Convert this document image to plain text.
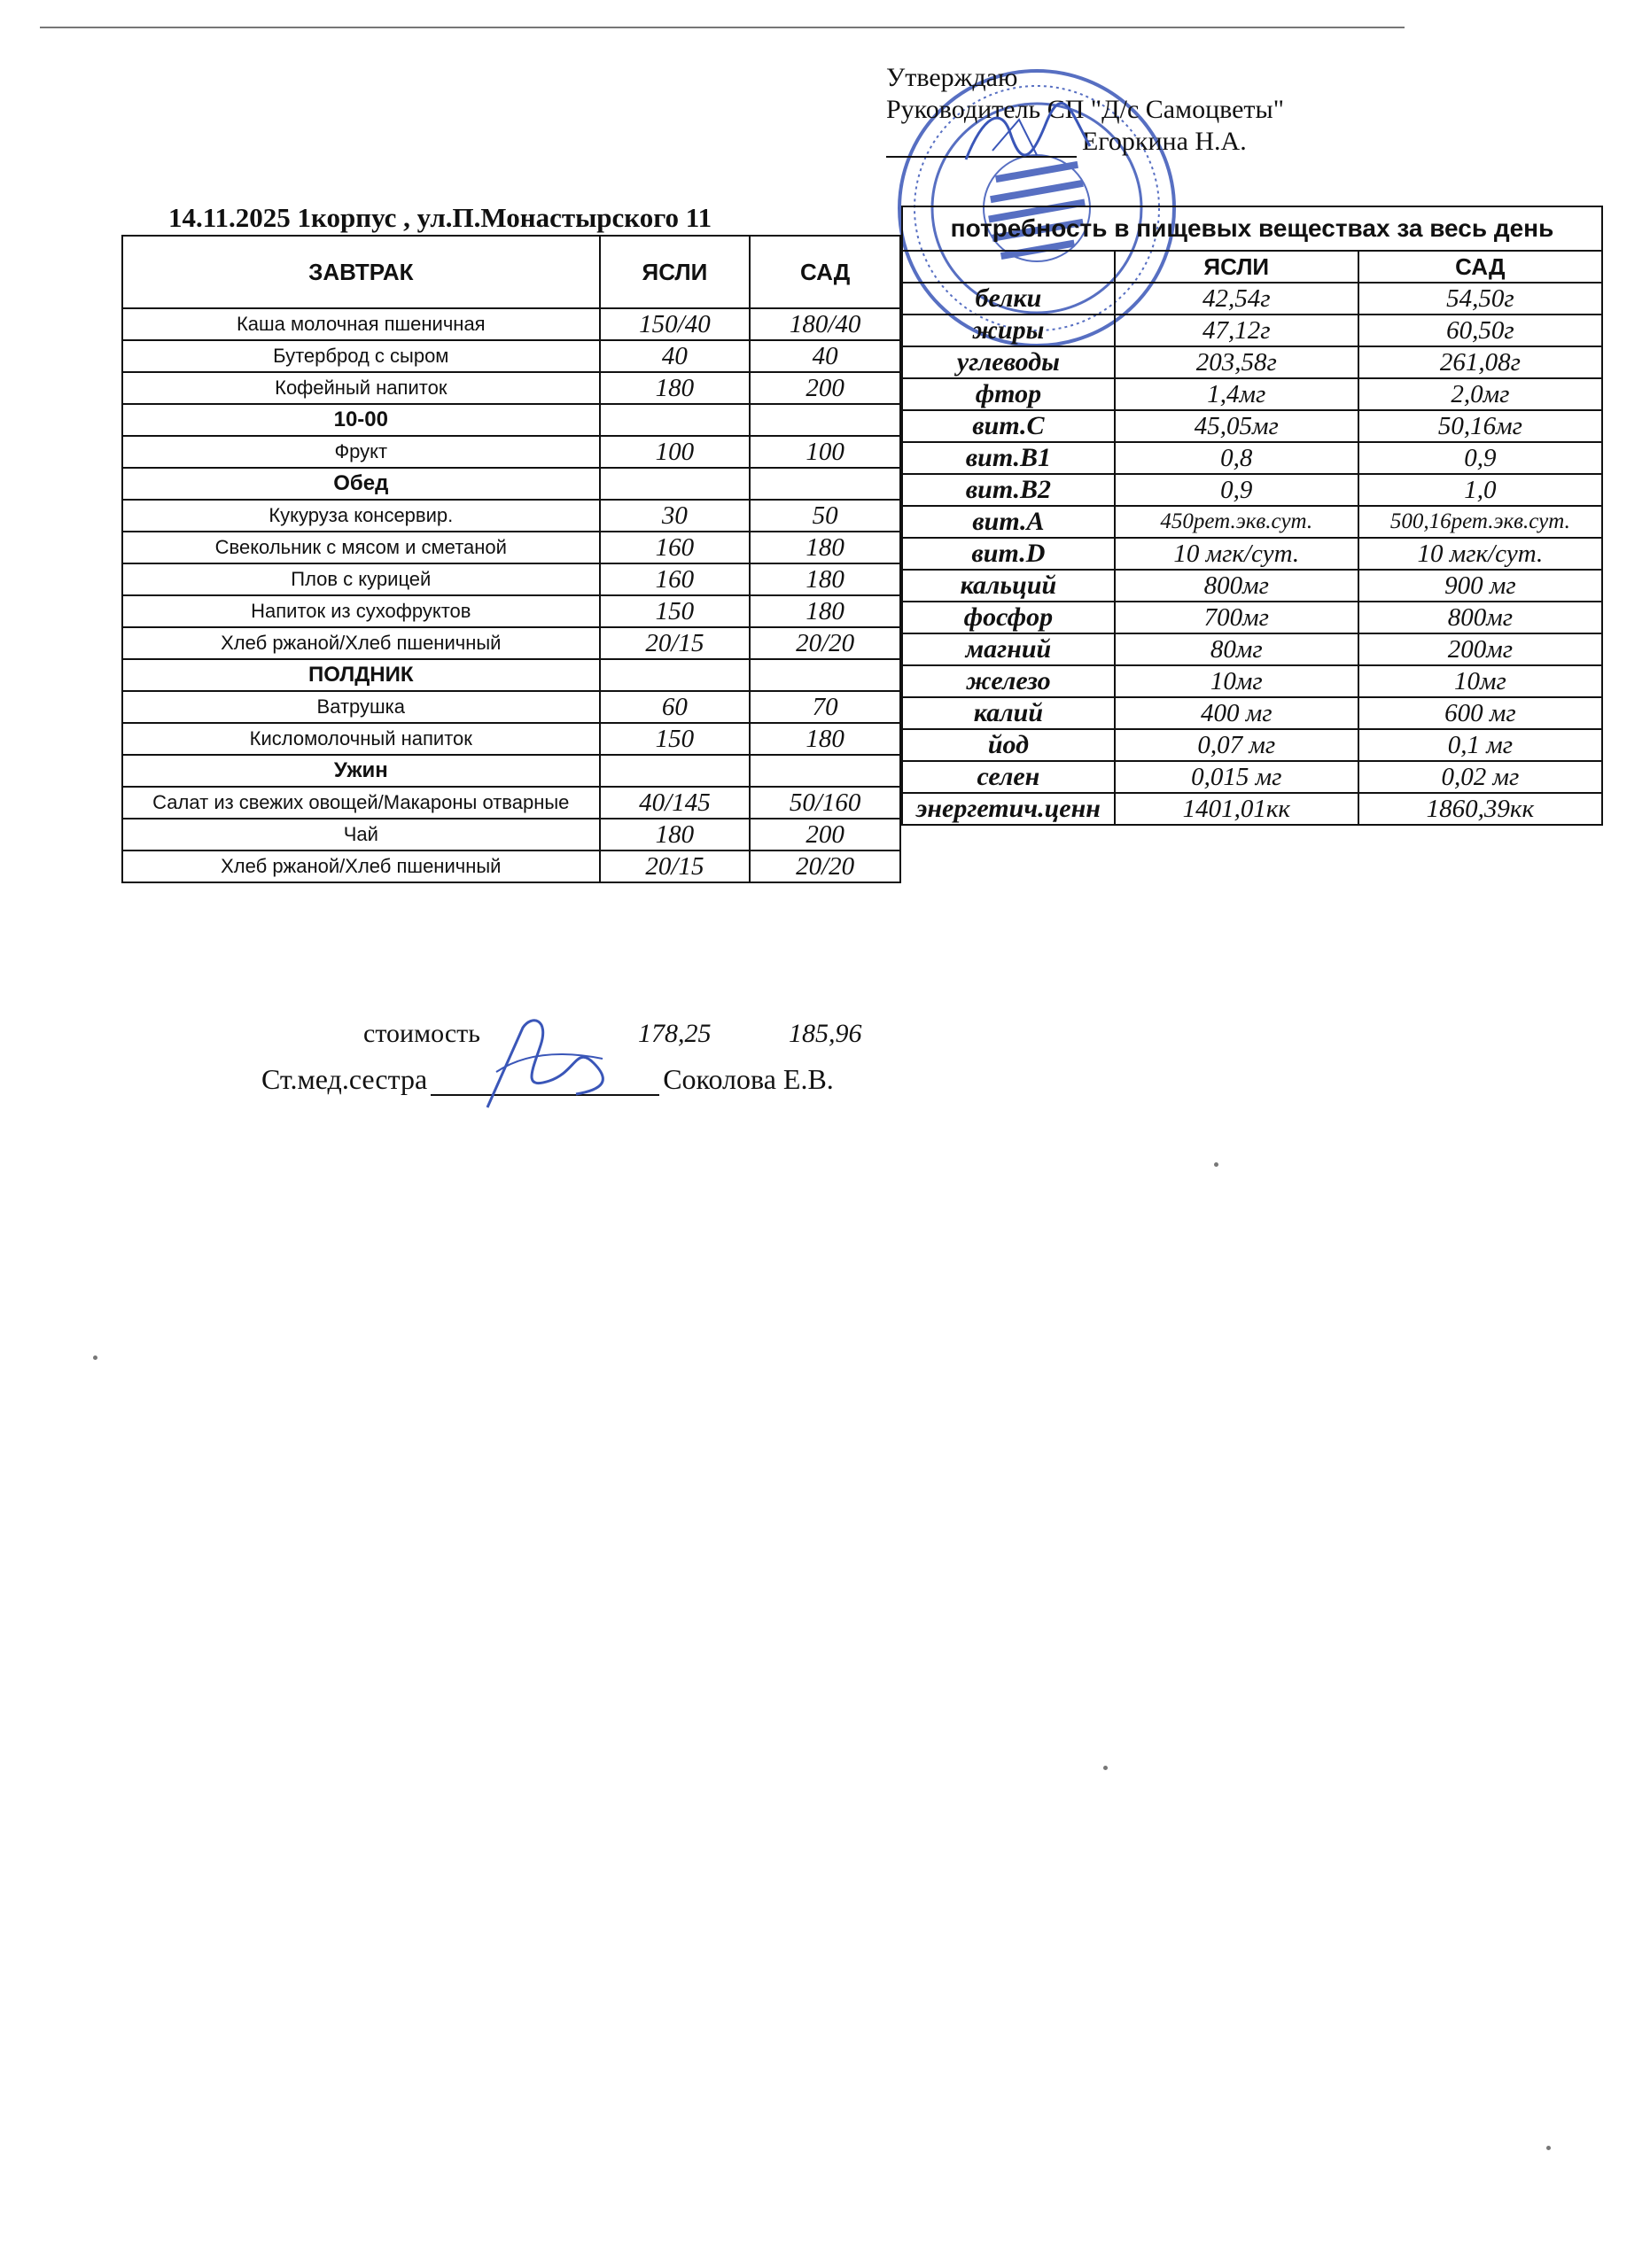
Утверждаю
Руководитель СП "Д/с Самоцветы"
Егоркина Н.А.
14.11.2025 1корпус , ул.П.Монастырского 11
ЗАВТРАК	ЯСЛИ	САД
Каша молочная пшеничная	150/40	180/40
Бутерброд с сыром	40	40
Кофейный напиток	180	200
10-00		
Фрукт	100	100
Обед		
Кукуруза консервир.	30	50
Свекольник с мясом и сметаной	160	180
Плов с курицей	160	180
Напиток из сухофруктов	150	180
Хлеб ржаной/Хлеб пшеничный	20/15	20/20
ПОЛДНИК		
Ватрушка	60	70
Кисломолочный напиток	150	180
Ужин		
Салат из свежих овощей/Макароны отварные	40/145	50/160
Чай	180	200
Хлеб ржаной/Хлеб пшеничный	20/15	20/20
потребность в пищевых веществах за весь день		
	ЯСЛИ	САД
белки	42,54г	54,50г
жиры	47,12г	60,50г
углеводы	203,58г	261,08г
фтор	1,4мг	2,0мг
вит.С	45,05мг	50,16мг
вит.В1	0,8	0,9
вит.В2	0,9	1,0
вит.А	450рет.экв.сут.	500,16рет.экв.сут.
вит.D	10 мгк/сут.	10 мгк/сут.
кальций	800мг	900 мг
фосфор	700мг	800мг
магний	80мг	200мг
железо	10мг	10мг
калий	400 мг	600 мг
йод	0,07 мг	0,1 мг
селен	0,015 мг	0,02 мг
энергетич.ценн	1401,01кк	1860,39кк
стоимость	178,25	185,96
Ст.мед.сестра	Соколова Е.В.
